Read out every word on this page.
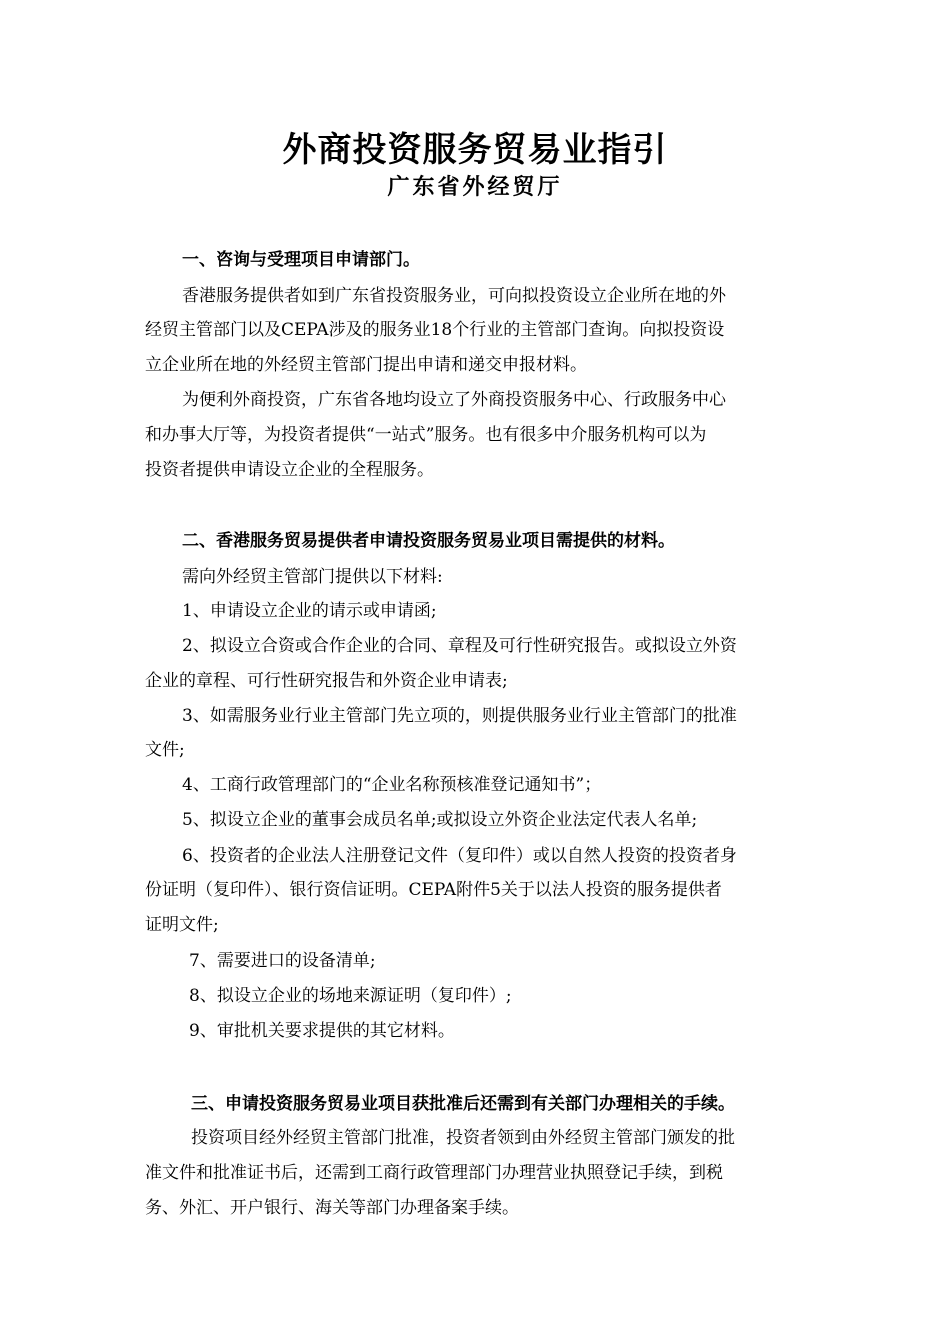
外商投资服务贸易业指引
广东省外经贸厅

一、咨询与受理项目申请部门。

香港服务提供者如到广东省投资服务业，可向拟投资设立企业所在地的外

经贸主管部门以及CEPA涉及的服务业18个行业的主管部门查询。向拟投资设

立企业所在地的外经贸主管部门提出申请和递交申报材料。

为便利外商投资，广东省各地均设立了外商投资服务中心、行政服务中心

和办事大厅等，为投资者提供“一站式”服务。也有很多中介服务机构可以为

投资者提供申请设立企业的全程服务。

二、香港服务贸易提供者申请投资服务贸易业项目需提供的材料。

需向外经贸主管部门提供以下材料:

1、申请设立企业的请示或申请函;

2、拟设立合资或合作企业的合同、章程及可行性研究报告。或拟设立外资

企业的章程、可行性研究报告和外资企业申请表;

3、如需服务业行业主管部门先立项的，则提供服务业行业主管部门的批准

文件;

4、工商行政管理部门的“企业名称预核准登记通知书”；

5、拟设立企业的董事会成员名单;或拟设立外资企业法定代表人名单;

6、投资者的企业法人注册登记文件（复印件）或以自然人投资的投资者身

份证明（复印件）、银行资信证明。CEPA附件5关于以法人投资的服务提供者

证明文件;

7、需要进口的设备清单;

8、拟设立企业的场地来源证明（复印件）;

9、审批机关要求提供的其它材料。

三、申请投资服务贸易业项目获批准后还需到有关部门办理相关的手续。

投资项目经外经贸主管部门批准，投资者领到由外经贸主管部门颁发的批

准文件和批准证书后，还需到工商行政管理部门办理营业执照登记手续，到税

务、外汇、开户银行、海关等部门办理备案手续。
